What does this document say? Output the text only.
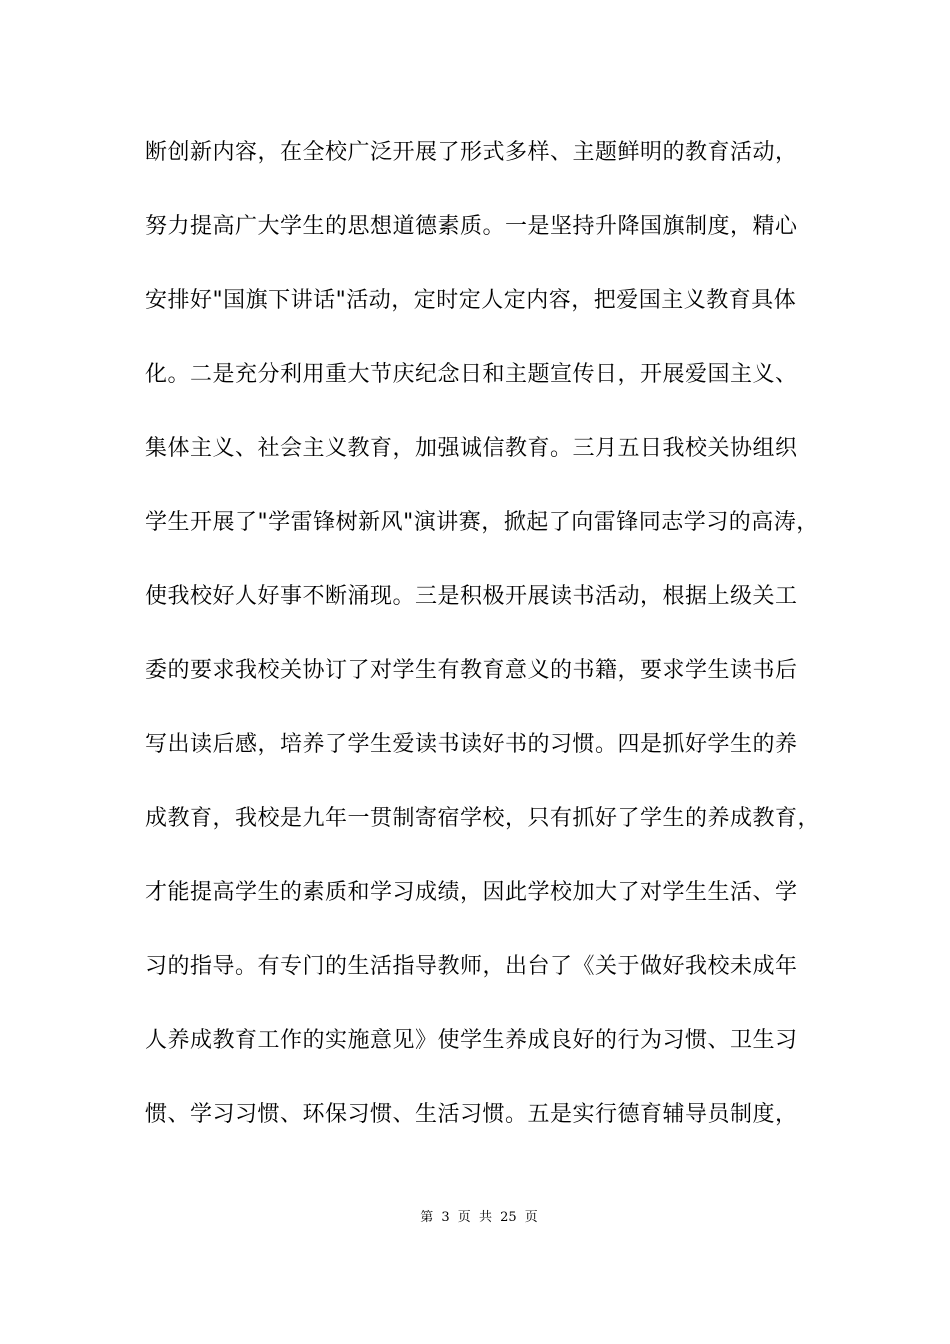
断创新内容，在全校广泛开展了形式多样、主题鲜明的教育活动，
努力提高广大学生的思想道德素质。一是坚持升降国旗制度，精心
安排好"国旗下讲话"活动，定时定人定内容，把爱国主义教育具体
化。二是充分利用重大节庆纪念日和主题宣传日，开展爱国主义、
集体主义、社会主义教育，加强诚信教育。三月五日我校关协组织
学生开展了"学雷锋树新风"演讲赛，掀起了向雷锋同志学习的高涛，
使我校好人好事不断涌现。三是积极开展读书活动，根据上级关工
委的要求我校关协订了对学生有教育意义的书籍，要求学生读书后
写出读后感，培养了学生爱读书读好书的习惯。四是抓好学生的养
成教育，我校是九年一贯制寄宿学校，只有抓好了学生的养成教育，
才能提高学生的素质和学习成绩，因此学校加大了对学生生活、学
习的指导。有专门的生活指导教师，出台了《关于做好我校未成年
人养成教育工作的实施意见》使学生养成良好的行为习惯、卫生习
惯、学习习惯、环保习惯、生活习惯。五是实行德育辅导员制度，
第 3 页 共 25 页
